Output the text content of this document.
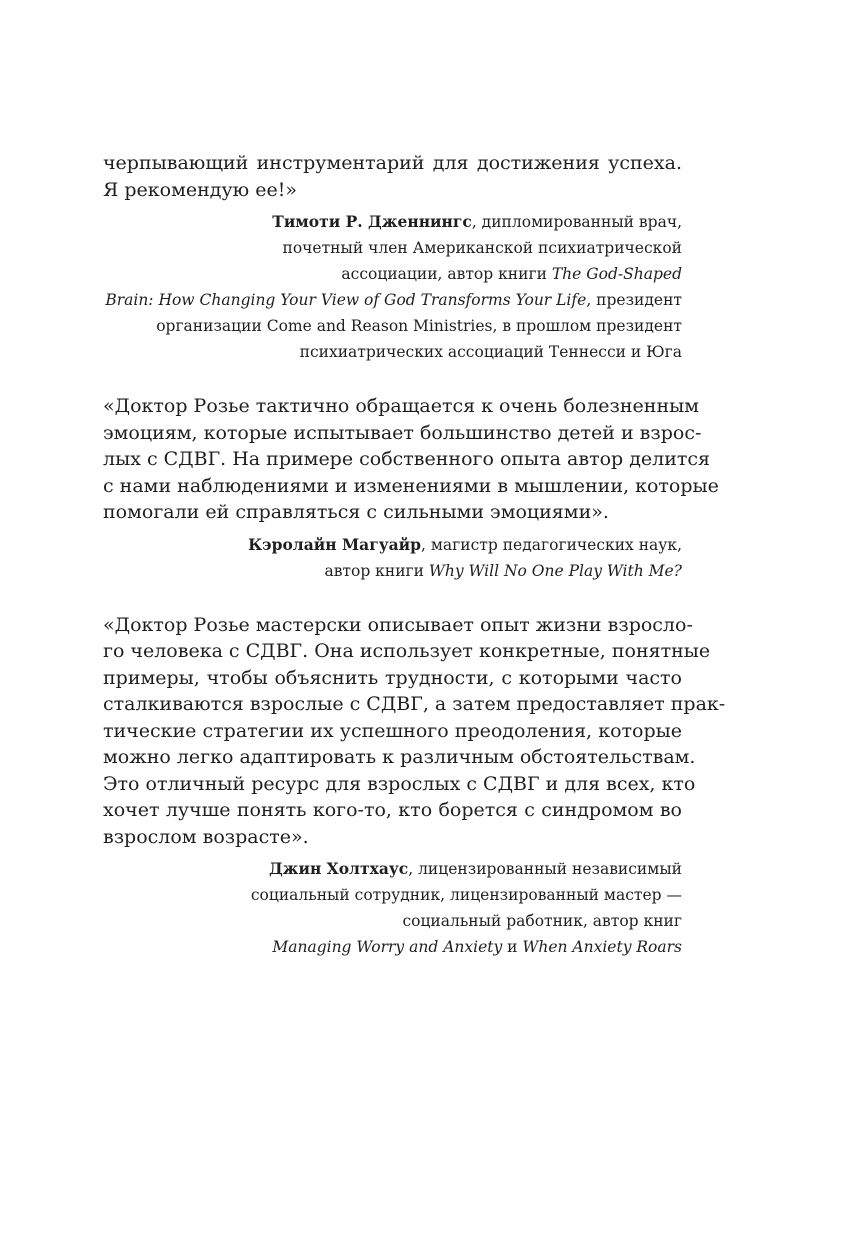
черпывающий инструментарий для достижения успеха.
Я рекомендую ее!»

Тимоти Р. Дженнингс, дипломированный врач,
почетный член Американской психиатрической
ассоциации, автор книги The God-Shaped
Brain: How Changing Your View of God Transforms Your Life, президент
организации Come and Reason Ministries, в прошлом президент
психиатрических ассоциаций Теннесси и Юга

«Доктор Розье тактично обращается к очень болезненным
эмоциям, которые испытывает большинство детей и взрос-
лых с СДВГ. На примере собственного опыта автор делится
с нами наблюдениями и изменениями в мышлении, которые
помогали ей справляться с сильными эмоциями».

Кэролайн Магуайр, магистр педагогических наук,
автор книги Why Will No One Play With Me?

«Доктор Розье мастерски описывает опыт жизни взросло-
го человека с СДВГ. Она использует конкретные, понятные
примеры, чтобы объяснить трудности, с которыми часто
сталкиваются взрослые с СДВГ, а затем предоставляет прак-
тические стратегии их успешного преодоления, которые
можно легко адаптировать к различным обстоятельствам.
Это отличный ресурс для взрослых с СДВГ и для всех, кто
хочет лучше понять кого-то, кто борется с синдромом во
взрослом возрасте».

Джин Холтхаус, лицензированный независимый
социальный сотрудник, лицензированный мастер —
социальный работник, автор книг
Managing Worry and Anxiety и When Anxiety Roars
